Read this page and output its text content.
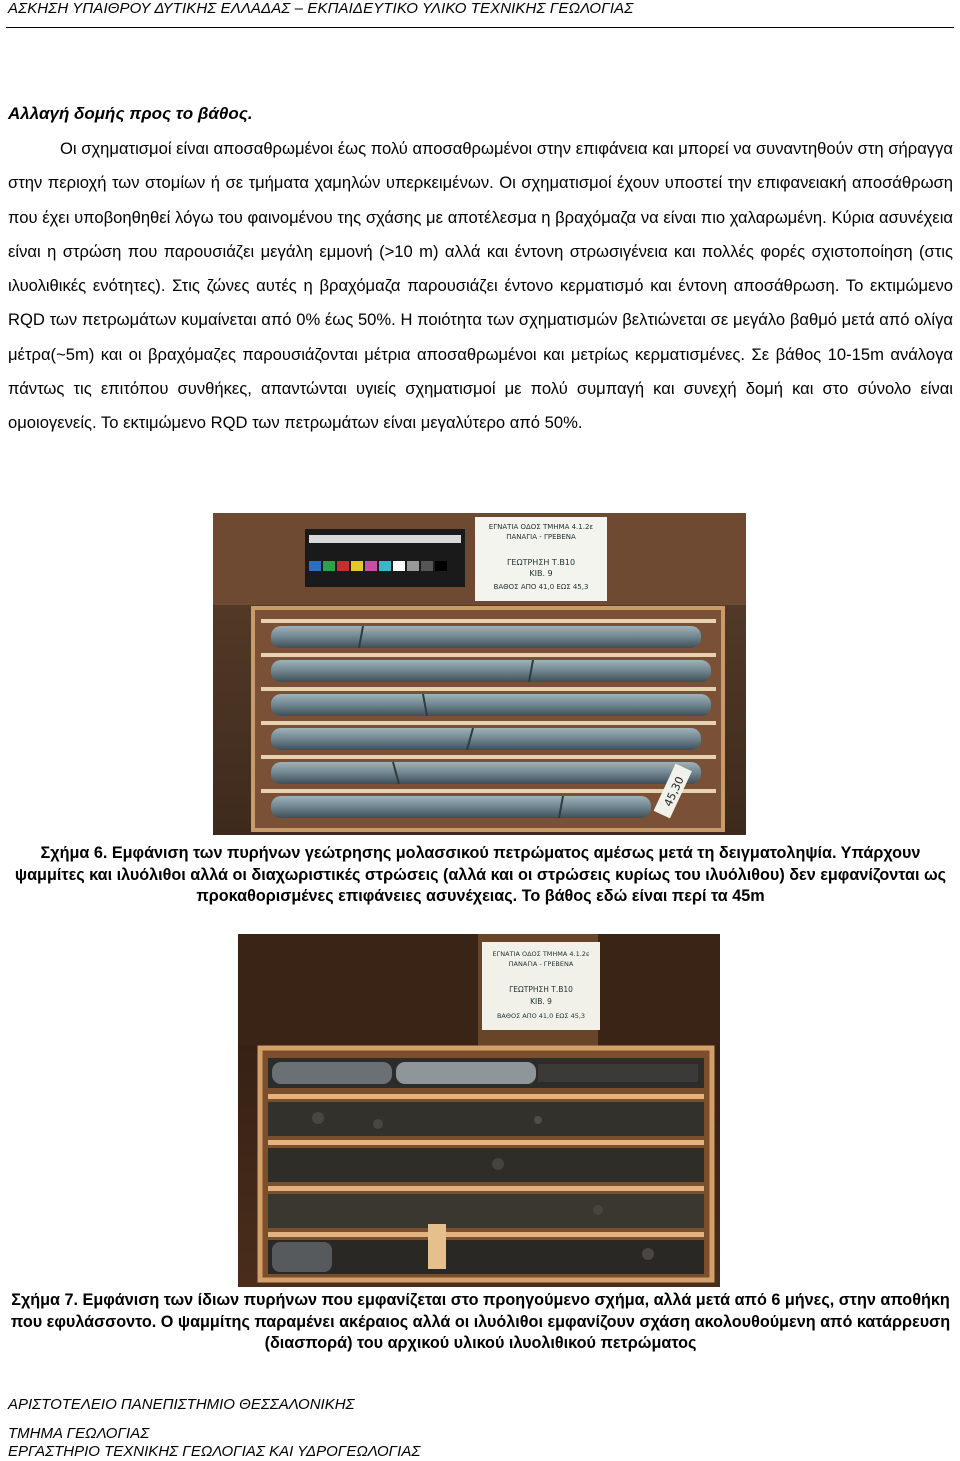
ΑΣΚΗΣΗ ΥΠΑΙΘΡΟΥ ΔΥΤΙΚΗΣ ΕΛΛΑΔΑΣ – ΕΚΠΑΙΔΕΥΤΙΚΟ ΥΛΙΚΟ ΤΕΧΝΙΚΗΣ ΓΕΩΛΟΓΙΑΣ
Αλλαγή δομής προς το βάθος.
Οι σχηματισμοί είναι αποσαθρωμένοι έως πολύ αποσαθρωμένοι στην επιφάνεια και μπορεί να συναντηθούν στη σήραγγα στην περιοχή των στομίων ή σε τμήματα χαμηλών υπερκειμένων. Οι σχηματισμοί έχουν υποστεί την επιφανειακή αποσάθρωση που έχει υποβοηθηθεί λόγω του φαινομένου της σχάσης με αποτέλεσμα η βραχόμαζα να είναι πιο χαλαρωμένη. Κύρια ασυνέχεια είναι η στρώση που παρουσιάζει μεγάλη εμμονή (>10 m) αλλά και έντονη στρωσιγένεια και πολλές φορές σχιστοποίηση (στις ιλυολιθικές ενότητες). Στις ζώνες αυτές η βραχόμαζα παρουσιάζει έντονο κερματισμό και έντονη αποσάθρωση. Το εκτιμώμενο RQD των πετρωμάτων κυμαίνεται από 0% έως 50%. Η ποιότητα των σχηματισμών βελτιώνεται σε μεγάλο βαθμό μετά από ολίγα μέτρα(~5m) και οι βραχόμαζες παρουσιάζονται μέτρια αποσαθρωμένοι και μετρίως κερματισμένες. Σε βάθος 10-15m ανάλογα πάντως τις επιτόπου συνθήκες, απαντώνται υγιείς σχηματισμοί με πολύ συμπαγή και συνεχή δομή και στο σύνολο είναι ομοιογενείς. Το εκτιμώμενο RQD των πετρωμάτων είναι μεγαλύτερο από 50%.
ΕΓΝΑΤΙΑ ΟΔΟΣ ΤΜΗΜΑ 4.1.2ε
ΠΑΝΑΓΙΑ - ΓΡΕΒΕΝΑ
ΓΕΩΤΡΗΣΗ Τ.Β10
ΚΙΒ. 9
ΒΑΘΟΣ ΑΠΟ 41,0 ΕΩΣ 45,3
45,30
Σχήμα 6. Εμφάνιση των πυρήνων γεώτρησης μολασσικού πετρώματος αμέσως μετά τη δειγματοληψία. Υπάρχουν ψαμμίτες και ιλυόλιθοι αλλά οι διαχωριστικές στρώσεις (αλλά και οι στρώσεις κυρίως του ιλυόλιθου) δεν εμφανίζονται ως προκαθορισμένες επιφάνειες ασυνέχειας. Το βάθος εδώ είναι περί τα 45m
ΕΓΝΑΤΙΑ ΟΔΟΣ ΤΜΗΜΑ 4.1.2ε
ΠΑΝΑΓΙΑ - ΓΡΕΒΕΝΑ
ΓΕΩΤΡΗΣΗ Τ.Β10
ΚΙΒ. 9
ΒΑΘΟΣ ΑΠΟ 41,0 ΕΩΣ 45,3
Σχήμα 7. Εμφάνιση των ίδιων πυρήνων που εμφανίζεται στο προηγούμενο σχήμα, αλλά μετά από 6 μήνες, στην αποθήκη που εφυλάσσοντο. Ο ψαμμίτης παραμένει ακέραιος αλλά οι ιλυόλιθοι εμφανίζουν σχάση ακολουθούμενη από κατάρρευση (διασπορά) του αρχικού υλικού ιλυολιθικού πετρώματος
ΑΡΙΣΤΟΤΕΛΕΙΟ ΠΑΝΕΠΙΣΤΗΜΙΟ ΘΕΣΣΑΛΟΝΙΚΗΣ
ΤΜΗΜΑ ΓΕΩΛΟΓΙΑΣ
ΕΡΓΑΣΤΗΡΙΟ ΤΕΧΝΙΚΗΣ ΓΕΩΛΟΓΙΑΣ ΚΑΙ ΥΔΡΟΓΕΩΛΟΓΙΑΣ
